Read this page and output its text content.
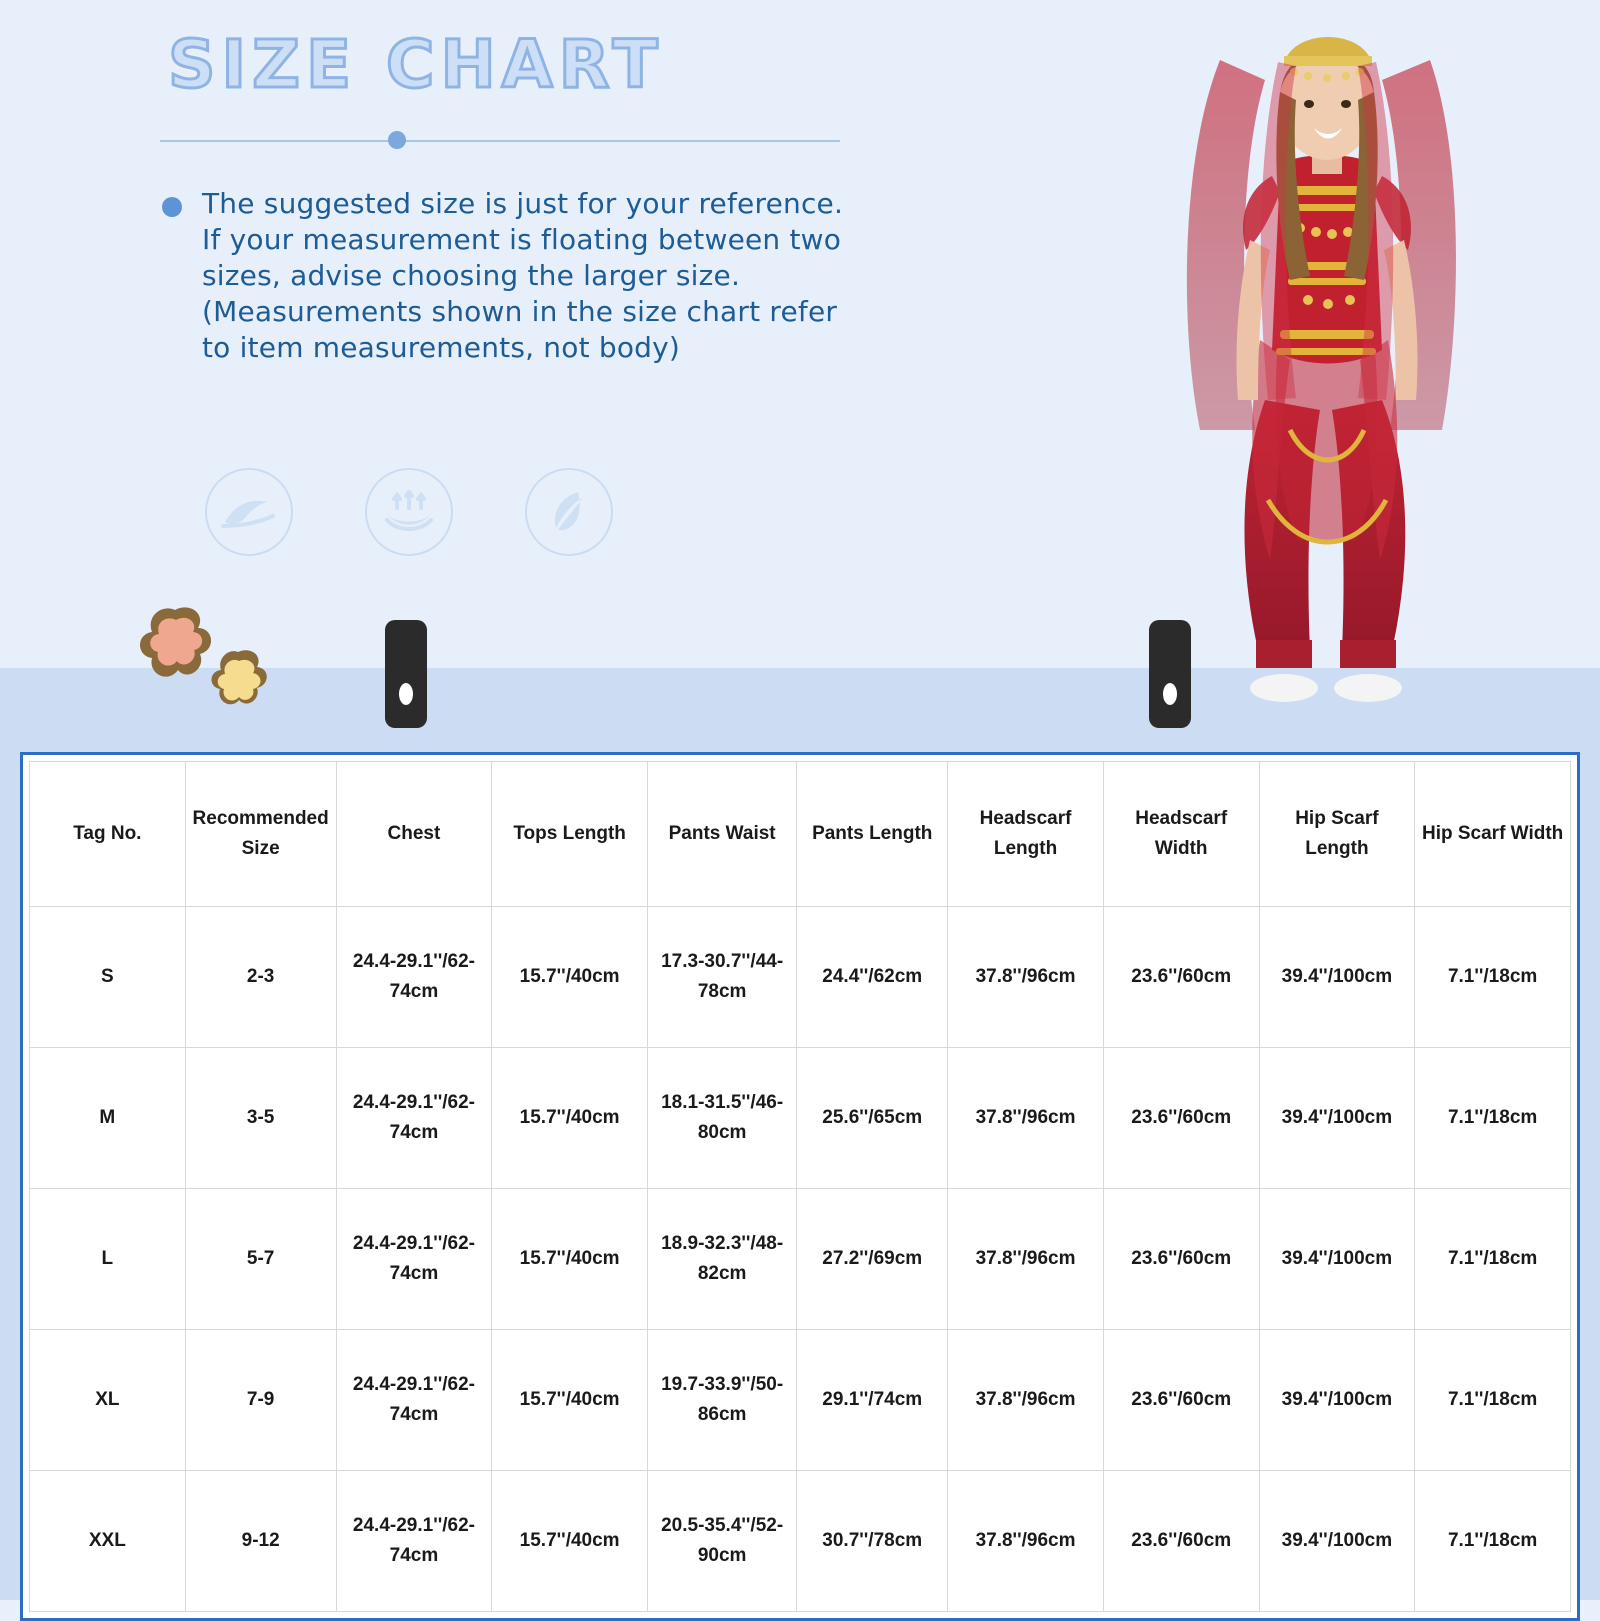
SIZE CHART
The suggested size is just for your reference. If your measurement is floating between two sizes, advise choosing the larger size. (Measurements shown in the size chart refer to item measurements, not body)
Tag No.	Recommended Size	Chest	Tops Length	Pants Waist	Pants Length	Headscarf Length	Headscarf Width	Hip Scarf Length	Hip Scarf Width
S	2-3	24.4-29.1''/62-74cm	15.7''/40cm	17.3-30.7''/44-78cm	24.4''/62cm	37.8''/96cm	23.6''/60cm	39.4''/100cm	7.1''/18cm
M	3-5	24.4-29.1''/62-74cm	15.7''/40cm	18.1-31.5''/46-80cm	25.6''/65cm	37.8''/96cm	23.6''/60cm	39.4''/100cm	7.1''/18cm
L	5-7	24.4-29.1''/62-74cm	15.7''/40cm	18.9-32.3''/48-82cm	27.2''/69cm	37.8''/96cm	23.6''/60cm	39.4''/100cm	7.1''/18cm
XL	7-9	24.4-29.1''/62-74cm	15.7''/40cm	19.7-33.9''/50-86cm	29.1''/74cm	37.8''/96cm	23.6''/60cm	39.4''/100cm	7.1''/18cm
XXL	9-12	24.4-29.1''/62-74cm	15.7''/40cm	20.5-35.4''/52-90cm	30.7''/78cm	37.8''/96cm	23.6''/60cm	39.4''/100cm	7.1''/18cm
